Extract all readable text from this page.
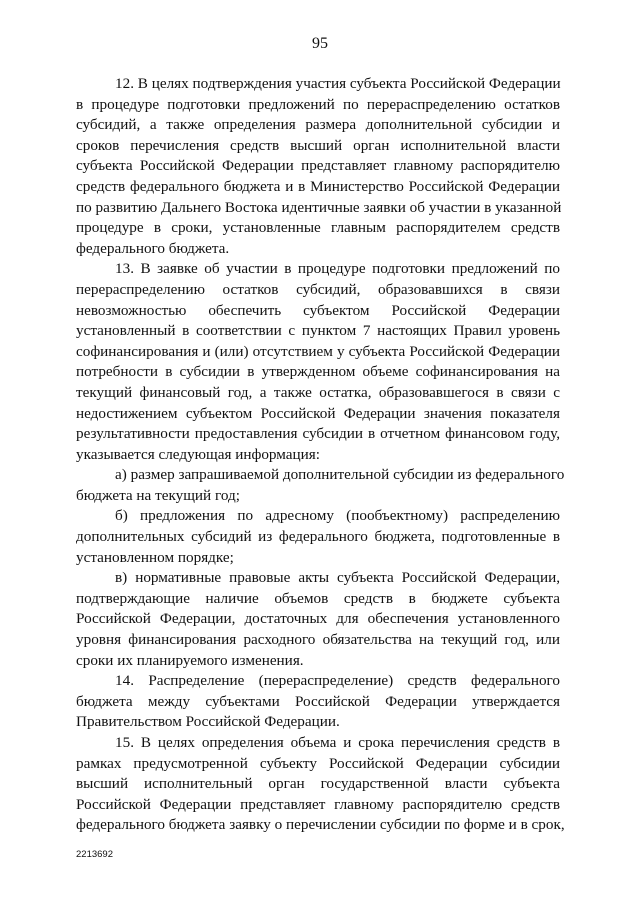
95
12. В целях подтверждения участия субъекта Российской Федерации
в процедуре подготовки предложений по перераспределению остатков
субсидий, а также определения размера дополнительной субсидии и
сроков перечисления средств высший орган исполнительной власти
субъекта Российской Федерации представляет главному распорядителю
средств федерального бюджета и в Министерство Российской Федерации
по развитию Дальнего Востока идентичные заявки об участии в указанной
процедуре в сроки, установленные главным распорядителем средств
федерального бюджета.
13. В заявке об участии в процедуре подготовки предложений по
перераспределению остатков субсидий, образовавшихся в связи
невозможностью обеспечить субъектом Российской Федерации
установленный в соответствии с пунктом 7 настоящих Правил уровень
софинансирования и (или) отсутствием у субъекта Российской Федерации
потребности в субсидии в утвержденном объеме софинансирования на
текущий финансовый год, а также остатка, образовавшегося в связи с
недостижением субъектом Российской Федерации значения показателя
результативности предоставления субсидии в отчетном финансовом году,
указывается следующая информация:
а) размер запрашиваемой дополнительной субсидии из федерального
бюджета на текущий год;
б) предложения по адресному (пообъектному) распределению
дополнительных субсидий из федерального бюджета, подготовленные в
установленном порядке;
в) нормативные правовые акты субъекта Российской Федерации,
подтверждающие наличие объемов средств в бюджете субъекта
Российской Федерации, достаточных для обеспечения установленного
уровня финансирования расходного обязательства на текущий год, или
сроки их планируемого изменения.
14. Распределение (перераспределение) средств федерального
бюджета между субъектами Российской Федерации утверждается
Правительством Российской Федерации.
15. В целях определения объема и срока перечисления средств в
рамках предусмотренной субъекту Российской Федерации субсидии
высший исполнительный орган государственной власти субъекта
Российской Федерации представляет главному распорядителю средств
федерального бюджета заявку о перечислении субсидии по форме и в срок,
2213692
